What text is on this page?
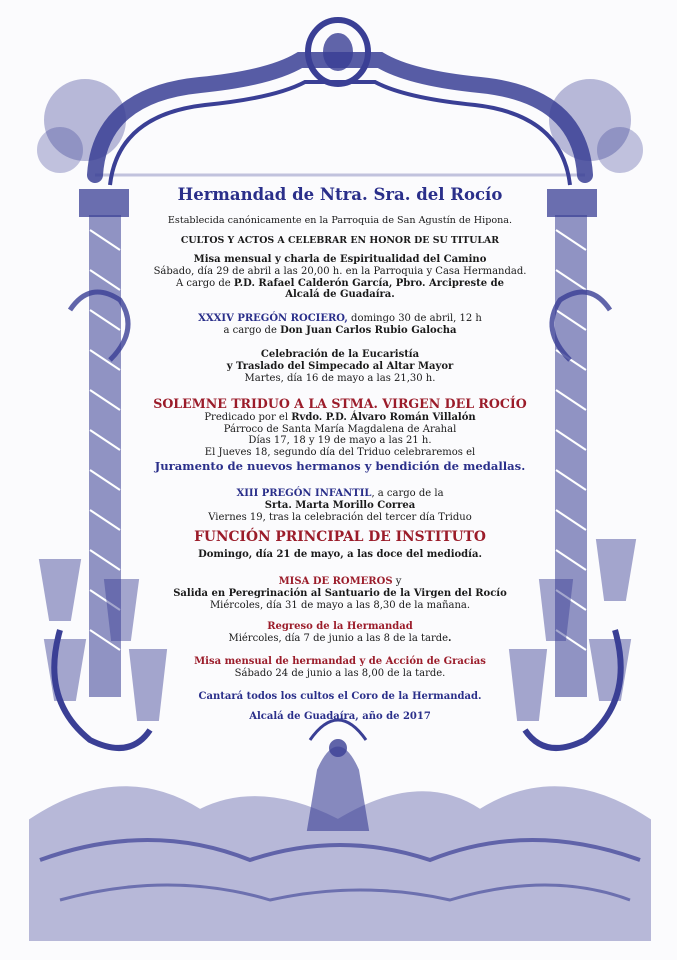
Hermandad de Ntra. Sra. del Rocío
Establecida canónicamente en la Parroquia de San Agustín de Hipona.
CULTOS Y ACTOS A CELEBRAR EN HONOR DE SU TITULAR
Misa mensual y charla de Espiritualidad del Camino
Sábado, día 29 de abril a las 20,00 h. en la Parroquia y Casa Hermandad.
A cargo de P.D. Rafael Calderón García, Pbro. Arcipreste de
Alcalá de Guadaíra.
XXXIV PREGÓN ROCIERO, domingo 30 de abril, 12 h
a cargo de Don Juan Carlos Rubio Galocha
Celebración de la Eucaristía
y Traslado del Simpecado al Altar Mayor
Martes, día 16 de mayo a las 21,30 h.
SOLEMNE TRIDUO A LA STMA. VIRGEN DEL ROCÍO
Predicado por el Rvdo. P.D. Álvaro Román Villalón
Párroco de Santa María Magdalena de Arahal
Días 17, 18 y 19 de mayo a las 21 h.
El Jueves 18, segundo día del Triduo celebraremos el
Juramento de nuevos hermanos y bendición de medallas.
XIII PREGÓN INFANTIL, a cargo de la
Srta. Marta Morillo Correa
Viernes 19, tras la celebración del tercer día Triduo
FUNCIÓN PRINCIPAL DE INSTITUTO
Domingo, día 21 de mayo, a las doce del mediodía.
MISA DE ROMEROS y
Salida en Peregrinación al Santuario de la Virgen del Rocío
Miércoles, día 31 de mayo a las 8,30 de la mañana.
Regreso de la Hermandad
Miércoles, día 7 de junio a las 8 de la tarde.
Misa mensual de hermandad y de Acción de Gracias
Sábado 24 de junio a las 8,00 de la tarde.
Cantará todos los cultos el Coro de la Hermandad.
Alcalá de Guadaíra, año de 2017
